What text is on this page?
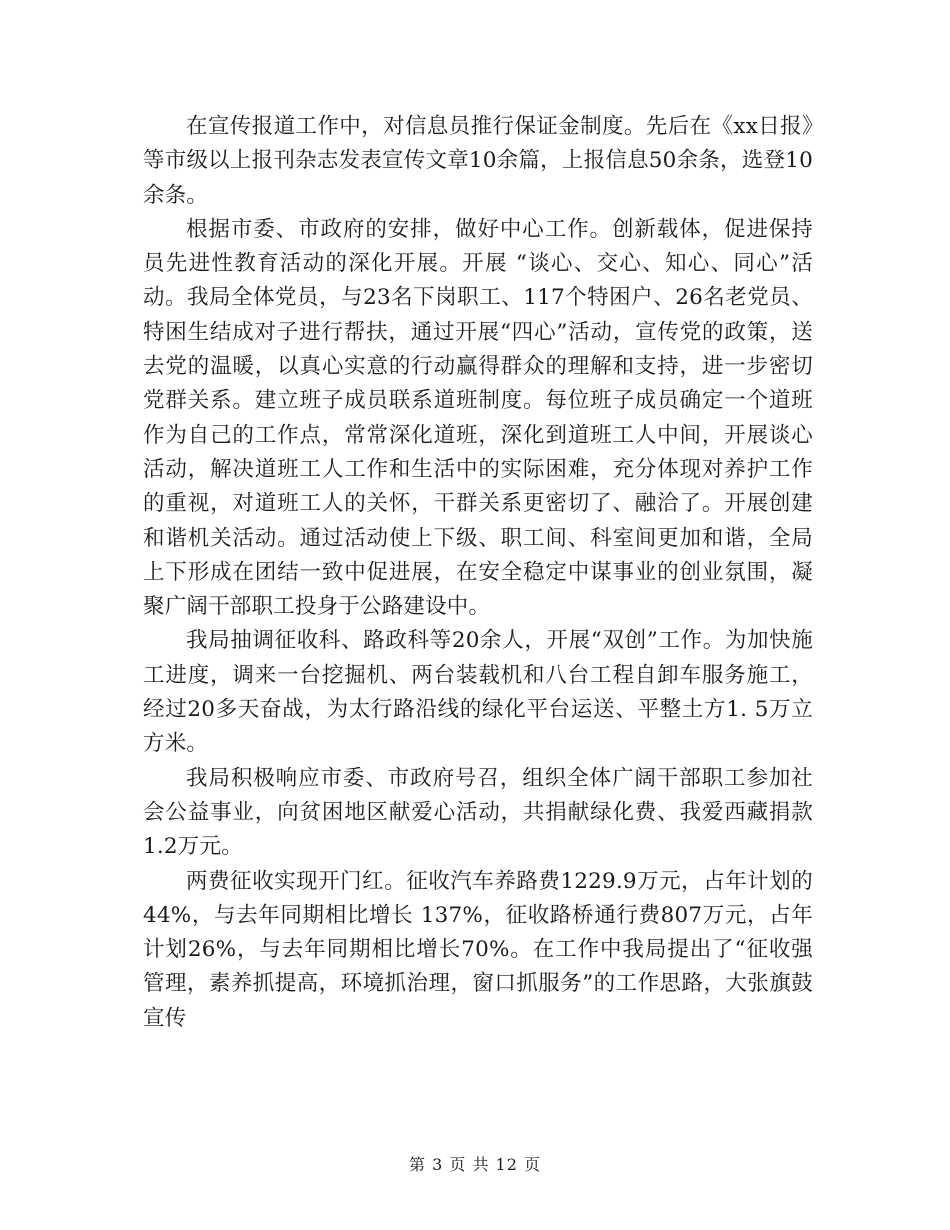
在宣传报道工作中，对信息员推行保证金制度。先后在《xx日报》等市级以上报刊杂志发表宣传文章10余篇，上报信息50余条，选登10余条。

根据市委、市政府的安排，做好中心工作。创新载体，促进保持员先进性教育活动的深化开展。开展 “谈心、交心、知心、同心”活动。我局全体党员，与23名下岗职工、117个特困户、26名老党员、特困生结成对子进行帮扶，通过开展“四心”活动，宣传党的政策，送去党的温暖，以真心实意的行动赢得群众的理解和支持，进一步密切党群关系。建立班子成员联系道班制度。每位班子成员确定一个道班作为自己的工作点，常常深化道班，深化到道班工人中间，开展谈心活动，解决道班工人工作和生活中的实际困难，充分体现对养护工作的重视，对道班工人的关怀，干群关系更密切了、融洽了。开展创建和谐机关活动。通过活动使上下级、职工间、科室间更加和谐，全局上下形成在团结一致中促进展，在安全稳定中谋事业的创业氛围，凝聚广阔干部职工投身于公路建设中。

我局抽调征收科、路政科等20余人，开展“双创”工作。为加快施工进度，调来一台挖掘机、两台装载机和八台工程自卸车服务施工，经过20多天奋战，为太行路沿线的绿化平台运送、平整土方1. 5万立方米。

我局积极响应市委、市政府号召，组织全体广阔干部职工参加社会公益事业，向贫困地区献爱心活动，共捐献绿化费、我爱西藏捐款1.2万元。

两费征收实现开门红。征收汽车养路费1229.9万元，占年计划的44%，与去年同期相比增长 137%，征收路桥通行费807万元，占年计划26%，与去年同期相比增长70%。在工作中我局提出了“征收强管理，素养抓提高，环境抓治理，窗口抓服务”的工作思路，大张旗鼓宣传

第 3 页 共 12 页
